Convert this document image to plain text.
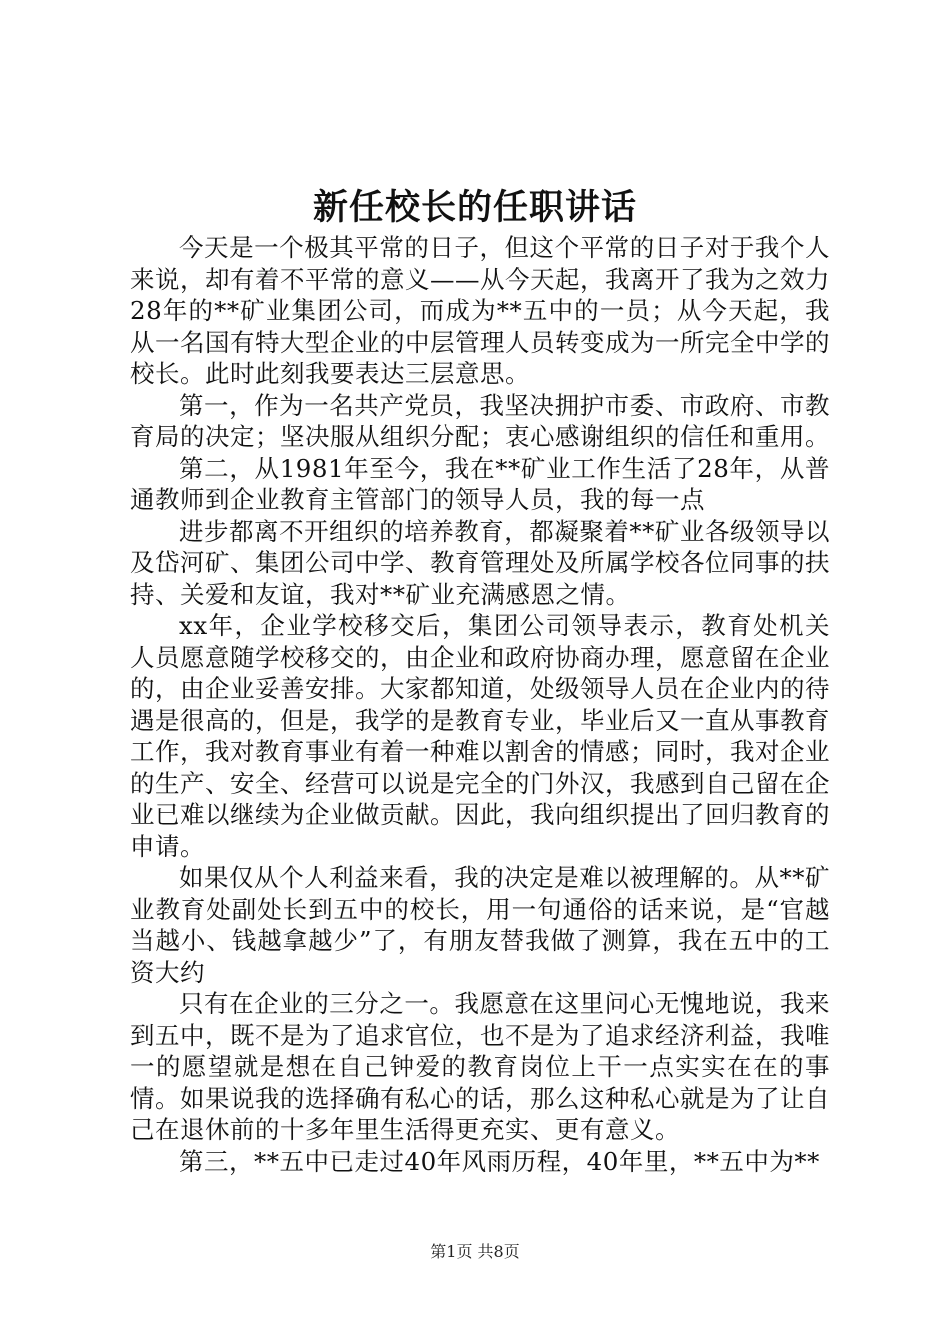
新任校长的任职讲话

今天是一个极其平常的日子，但这个平常的日子对于我个人来说，却有着不平常的意义——从今天起，我离开了我为之效力28年的**矿业集团公司，而成为**五中的一员；从今天起，我从一名国有特大型企业的中层管理人员转变成为一所完全中学的校长。此时此刻我要表达三层意思。

第一，作为一名共产党员，我坚决拥护市委、市政府、市教育局的决定；坚决服从组织分配；衷心感谢组织的信任和重用。

第二，从1981年至今，我在**矿业工作生活了28年，从普通教师到企业教育主管部门的领导人员，我的每一点

进步都离不开组织的培养教育，都凝聚着**矿业各级领导以及岱河矿、集团公司中学、教育管理处及所属学校各位同事的扶持、关爱和友谊，我对**矿业充满感恩之情。

xx年，企业学校移交后，集团公司领导表示，教育处机关人员愿意随学校移交的，由企业和政府协商办理，愿意留在企业的，由企业妥善安排。大家都知道，处级领导人员在企业内的待遇是很高的，但是，我学的是教育专业，毕业后又一直从事教育工作，我对教育事业有着一种难以割舍的情感；同时，我对企业的生产、安全、经营可以说是完全的门外汉，我感到自己留在企业已难以继续为企业做贡献。因此，我向组织提出了回归教育的申请。

如果仅从个人利益来看，我的决定是难以被理解的。从**矿业教育处副处长到五中的校长，用一句通俗的话来说，是“官越当越小、钱越拿越少”了，有朋友替我做了测算，我在五中的工资大约

只有在企业的三分之一。我愿意在这里问心无愧地说，我来到五中，既不是为了追求官位，也不是为了追求经济利益，我唯一的愿望就是想在自己钟爱的教育岗位上干一点实实在在的事情。如果说我的选择确有私心的话，那么这种私心就是为了让自己在退休前的十多年里生活得更充实、更有意义。

第三，**五中已走过40年风雨历程，40年里，**五中为**

第1页 共8页
